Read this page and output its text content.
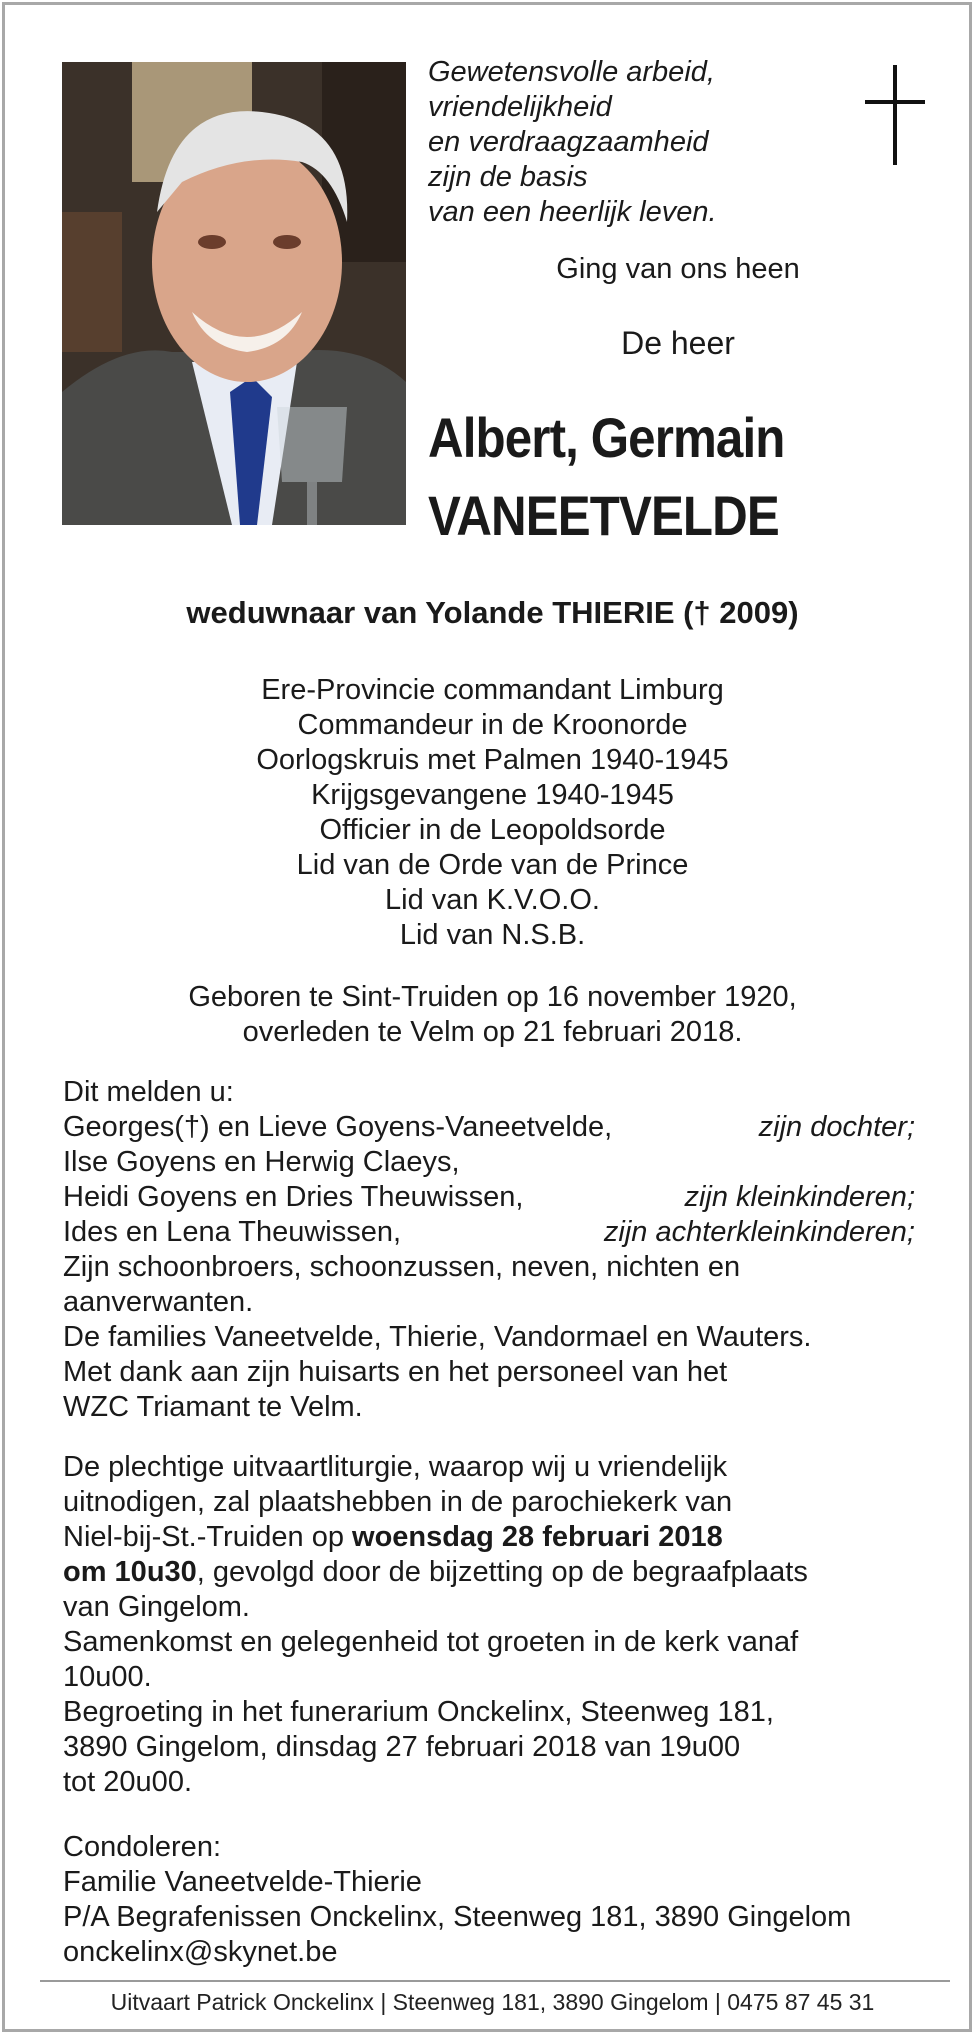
Gewetensvolle arbeid,
vriendelijkheid
en verdraagzaamheid
zijn de basis
van een heerlijk leven.
Ging van ons heen
De heer
Albert, Germain
VANEETVELDE
weduwnaar van Yolande THIERIE († 2009)
Ere-Provincie commandant Limburg
Commandeur in de Kroonorde
Oorlogskruis met Palmen 1940-1945
Krijgsgevangene 1940-1945
Officier in de Leopoldsorde
Lid van de Orde van de Prince
Lid van K.V.O.O.
Lid van N.S.B.
Geboren te Sint-Truiden op 16 november 1920,
overleden te Velm op 21 februari 2018.
Dit melden u:
Georges(†) en Lieve Goyens-Vaneetvelde,	zijn dochter;
Ilse Goyens en Herwig Claeys,
Heidi Goyens en Dries Theuwissen,	zijn kleinkinderen;
Ides en Lena Theuwissen,	zijn achterkleinkinderen;
Zijn schoonbroers, schoonzussen, neven, nichten en
aanverwanten.
De families Vaneetvelde, Thierie, Vandormael en Wauters.
Met dank aan zijn huisarts en het personeel van het
WZC Triamant te Velm.
De plechtige uitvaartliturgie, waarop wij u vriendelijk
uitnodigen, zal plaatshebben in de parochiekerk van
Niel-bij-St.-Truiden op woensdag 28 februari 2018
om 10u30, gevolgd door de bijzetting op de begraafplaats
van Gingelom.
Samenkomst en gelegenheid tot groeten in de kerk vanaf
10u00.
Begroeting in het funerarium Onckelinx, Steenweg 181,
3890 Gingelom, dinsdag 27 februari 2018 van 19u00
tot 20u00.
Condoleren:
Familie Vaneetvelde-Thierie
P/A Begrafenissen Onckelinx, Steenweg 181, 3890 Gingelom
onckelinx@skynet.be
Uitvaart Patrick Onckelinx | Steenweg 181, 3890 Gingelom | 0475 87 45 31
